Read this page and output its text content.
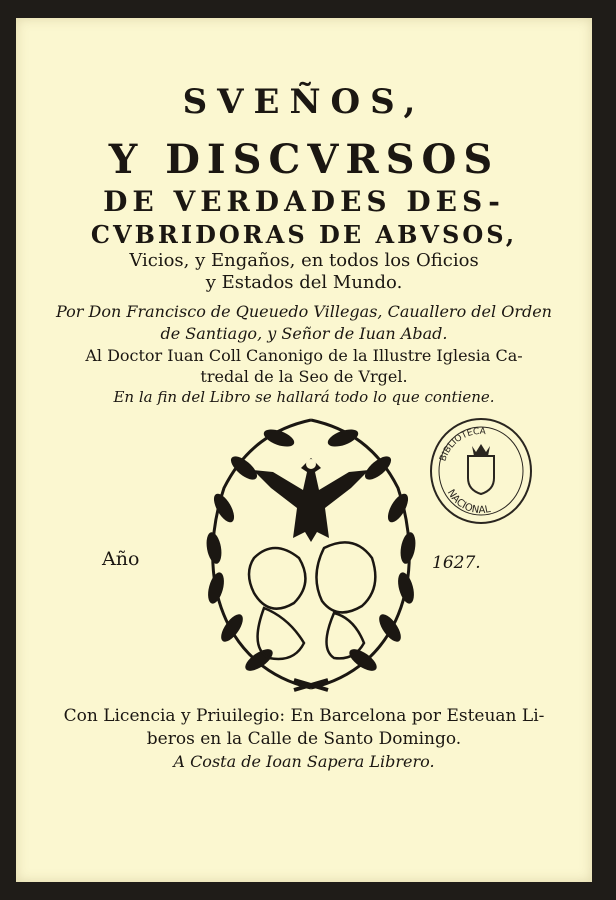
SVEÑOS,
Y DISCVRSOS
DE VERDADES DES-
CVBRIDORAS DE ABVSOS,
Vicios, y Engaños, en todos los Oficios
y Estados del Mundo.
Por Don Francisco de Queuedo Villegas, Cauallero del Orden
de Santiago, y Señor de Iuan Abad.
Al Doctor Iuan Coll Canonigo de la Illustre Iglesia Ca-
tredal de la Seo de Vrgel.
En la fin del Libro se hallará todo lo que contiene.
Año	1627.
BIBLIOTECA
NACIONAL
Con Licencia y Priuilegio: En Barcelona por Esteuan Li-
beros en la Calle de Santo Domingo.
A Costa de Ioan Sapera Librero.
